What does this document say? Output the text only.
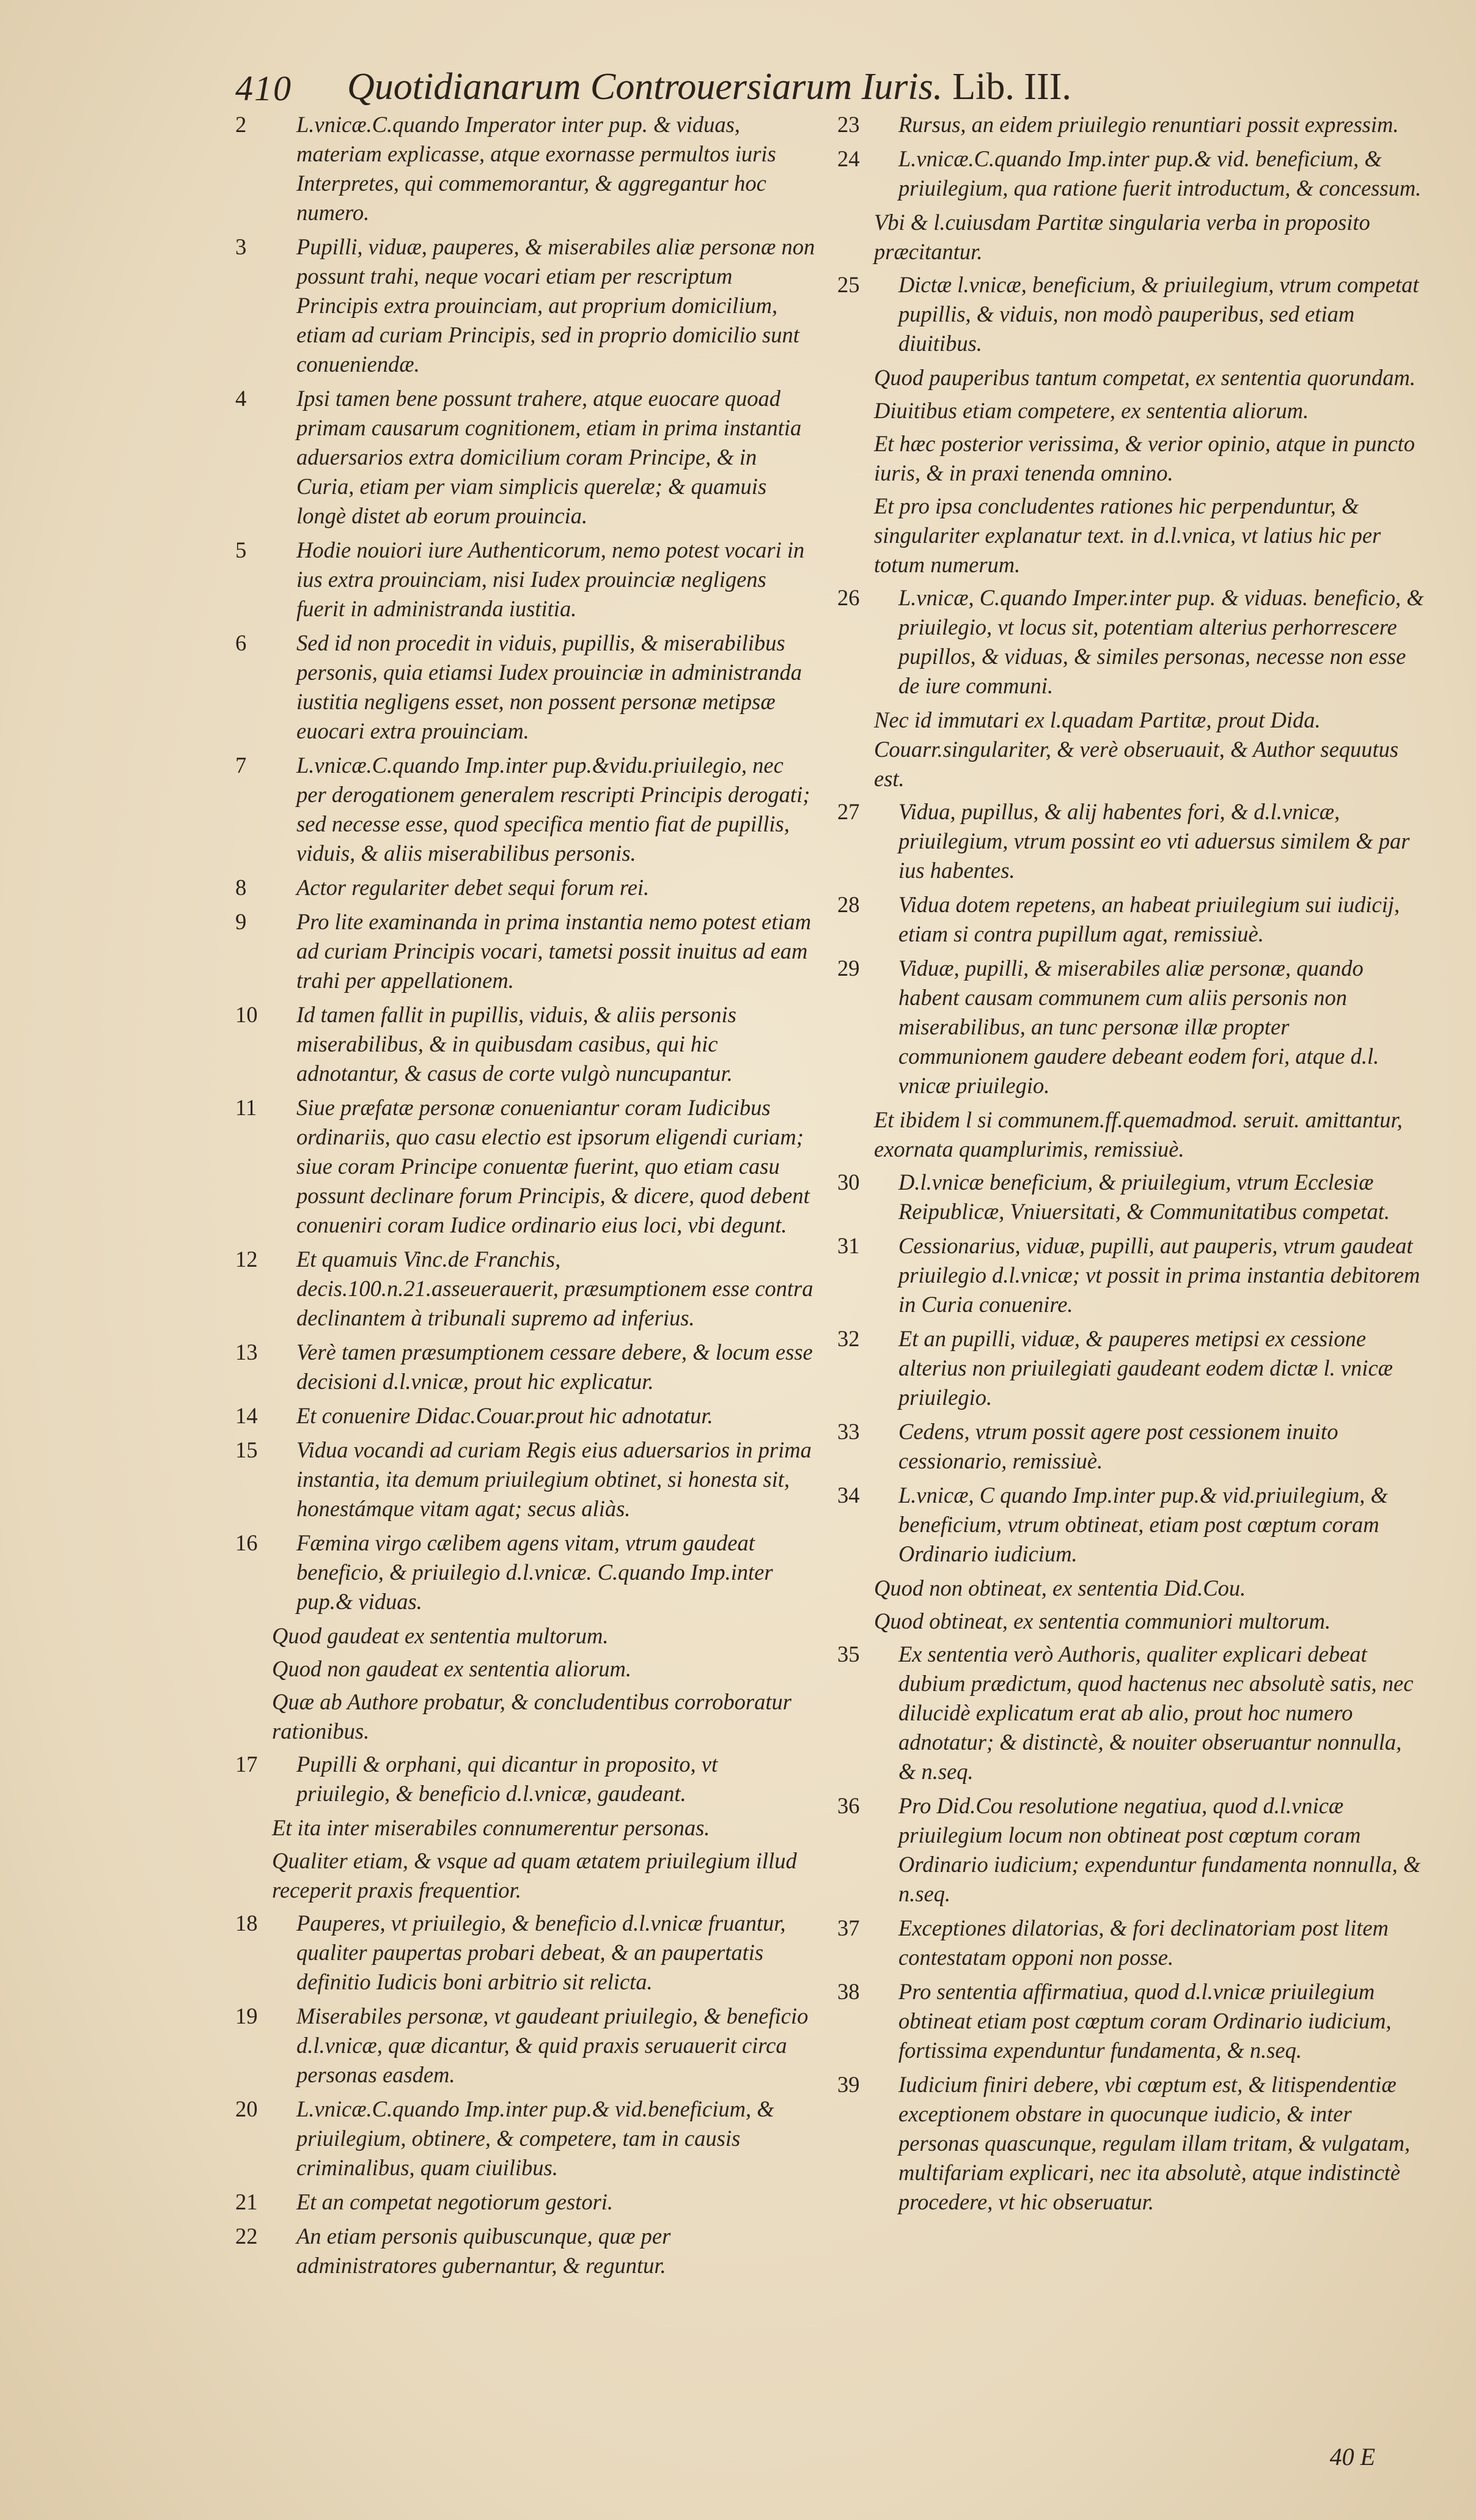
410 Quotidianarum Controuersiarum Iuris. Lib. III.
2	L.vnicæ.C.quando Imperator inter pup. & viduas, materiam explicasse, atque exornasse permultos iuris Interpretes, qui commemorantur, & aggregantur hoc numero.
3	Pupilli, viduæ, pauperes, & miserabiles aliæ personæ non possunt trahi, neque vocari etiam per rescriptum Principis extra prouinciam, aut proprium domicilium, etiam ad curiam Principis, sed in proprio domicilio sunt conueniendæ.
4	Ipsi tamen bene possunt trahere, atque euocare quoad primam causarum cognitionem, etiam in prima instantia aduersarios extra domicilium coram Principe, & in Curia, etiam per viam simplicis querelæ; & quamuis longè distet ab eorum prouincia.
5	Hodie nouiori iure Authenticorum, nemo potest vocari in ius extra prouinciam, nisi Iudex prouinciæ negligens fuerit in administranda iustitia.
6	Sed id non procedit in viduis, pupillis, & miserabilibus personis, quia etiamsi Iudex prouinciæ in administranda iustitia negligens esset, non possent personæ metipsæ euocari extra prouinciam.
7	L.vnicæ.C.quando Imp.inter pup.&vidu.priuilegio, nec per derogationem generalem rescripti Principis derogati; sed necesse esse, quod specifica mentio fiat de pupillis, viduis, & aliis miserabilibus personis.
8	Actor regulariter debet sequi forum rei.
9	Pro lite examinanda in prima instantia nemo potest etiam ad curiam Principis vocari, tametsi possit inuitus ad eam trahi per appellationem.
10	Id tamen fallit in pupillis, viduis, & aliis personis miserabilibus, & in quibusdam casibus, qui hic adnotantur, & casus de corte vulgò nuncupantur.
11	Siue præfatæ personæ conueniantur coram Iudicibus ordinariis, quo casu electio est ipsorum eligendi curiam; siue coram Principe conuentæ fuerint, quo etiam casu possunt declinare forum Principis, & dicere, quod debent conueniri coram Iudice ordinario eius loci, vbi degunt.
12	Et quamuis Vinc.de Franchis, decis.100.n.21.asseuerauerit, præsumptionem esse contra declinantem à tribunali supremo ad inferius.
13	Verè tamen præsumptionem cessare debere, & locum esse decisioni d.l.vnicæ, prout hic explicatur.
14	Et conuenire Didac.Couar.prout hic adnotatur.
15	Vidua vocandi ad curiam Regis eius aduersarios in prima instantia, ita demum priuilegium obtinet, si honesta sit, honestámque vitam agat; secus aliàs.
16	Fæmina virgo cælibem agens vitam, vtrum gaudeat beneficio, & priuilegio d.l.vnicæ. C.quando Imp.inter pup.& viduas.
Quod gaudeat ex sententia multorum.
Quod non gaudeat ex sententia aliorum.
Quæ ab Authore probatur, & concludentibus corroboratur rationibus.
17	Pupilli & orphani, qui dicantur in proposito, vt priuilegio, & beneficio d.l.vnicæ, gaudeant.
Et ita inter miserabiles connumerentur personas.
Qualiter etiam, & vsque ad quam ætatem priuilegium illud receperit praxis frequentior.
18	Pauperes, vt priuilegio, & beneficio d.l.vnicæ fruantur, qualiter paupertas probari debeat, & an paupertatis definitio Iudicis boni arbitrio sit relicta.
19	Miserabiles personæ, vt gaudeant priuilegio, & beneficio d.l.vnicæ, quæ dicantur, & quid praxis seruauerit circa personas easdem.
20	L.vnicæ.C.quando Imp.inter pup.& vid.beneficium, & priuilegium, obtinere, & competere, tam in causis criminalibus, quam ciuilibus.
21	Et an competat negotiorum gestori.
22	An etiam personis quibuscunque, quæ per administratores gubernantur, & reguntur.
23	Rursus, an eidem priuilegio renuntiari possit expressim.
24	L.vnicæ.C.quando Imp.inter pup.& vid. beneficium, & priuilegium, qua ratione fuerit introductum, & concessum.
Vbi & l.cuiusdam Partitæ singularia verba in proposito præcitantur.
25	Dictæ l.vnicæ, beneficium, & priuilegium, vtrum competat pupillis, & viduis, non modò pauperibus, sed etiam diuitibus.
Quod pauperibus tantum competat, ex sententia quorundam.
Diuitibus etiam competere, ex sententia aliorum.
Et hæc posterior verissima, & verior opinio, atque in puncto iuris, & in praxi tenenda omnino.
Et pro ipsa concludentes rationes hic perpenduntur, & singulariter explanatur text. in d.l.vnica, vt latius hic per totum numerum.
26	L.vnicæ, C.quando Imper.inter pup. & viduas. beneficio, & priuilegio, vt locus sit, potentiam alterius perhorrescere pupillos, & viduas, & similes personas, necesse non esse de iure communi.
Nec id immutari ex l.quadam Partitæ, prout Dida. Couarr.singulariter, & verè obseruauit, & Author sequutus est.
27	Vidua, pupillus, & alij habentes fori, & d.l.vnicæ, priuilegium, vtrum possint eo vti aduersus similem & par ius habentes.
28	Vidua dotem repetens, an habeat priuilegium sui iudicij, etiam si contra pupillum agat, remissiuè.
29	Viduæ, pupilli, & miserabiles aliæ personæ, quando habent causam communem cum aliis personis non miserabilibus, an tunc personæ illæ propter communionem gaudere debeant eodem fori, atque d.l. vnicæ priuilegio.
Et ibidem l si communem.ff.quemadmod. seruit. amittantur, exornata quamplurimis, remissiuè.
30	D.l.vnicæ beneficium, & priuilegium, vtrum Ecclesiæ Reipublicæ, Vniuersitati, & Communitatibus competat.
31	Cessionarius, viduæ, pupilli, aut pauperis, vtrum gaudeat priuilegio d.l.vnicæ; vt possit in prima instantia debitorem in Curia conuenire.
32	Et an pupilli, viduæ, & pauperes metipsi ex cessione alterius non priuilegiati gaudeant eodem dictæ l. vnicæ priuilegio.
33	Cedens, vtrum possit agere post cessionem inuito cessionario, remissiuè.
34	L.vnicæ, C quando Imp.inter pup.& vid.priuilegium, & beneficium, vtrum obtineat, etiam post cœptum coram Ordinario iudicium.
Quod non obtineat, ex sententia Did.Cou.
Quod obtineat, ex sententia communiori multorum.
35	Ex sententia verò Authoris, qualiter explicari debeat dubium prædictum, quod hactenus nec absolutè satis, nec dilucidè explicatum erat ab alio, prout hoc numero adnotatur; & distinctè, & nouiter obseruantur nonnulla, & n.seq.
36	Pro Did.Cou resolutione negatiua, quod d.l.vnicæ priuilegium locum non obtineat post cœptum coram Ordinario iudicium; expenduntur fundamenta nonnulla, & n.seq.
37	Exceptiones dilatorias, & fori declinatoriam post litem contestatam opponi non posse.
38	Pro sententia affirmatiua, quod d.l.vnicæ priuilegium obtineat etiam post cœptum coram Ordinario iudicium, fortissima expenduntur fundamenta, & n.seq.
39	Iudicium finiri debere, vbi cœptum est, & litispendentiæ exceptionem obstare in quocunque iudicio, & inter personas quascunque, regulam illam tritam, & vulgatam, multifariam explicari, nec ita absolutè, atque indistinctè procedere, vt hic obseruatur.
40 E
